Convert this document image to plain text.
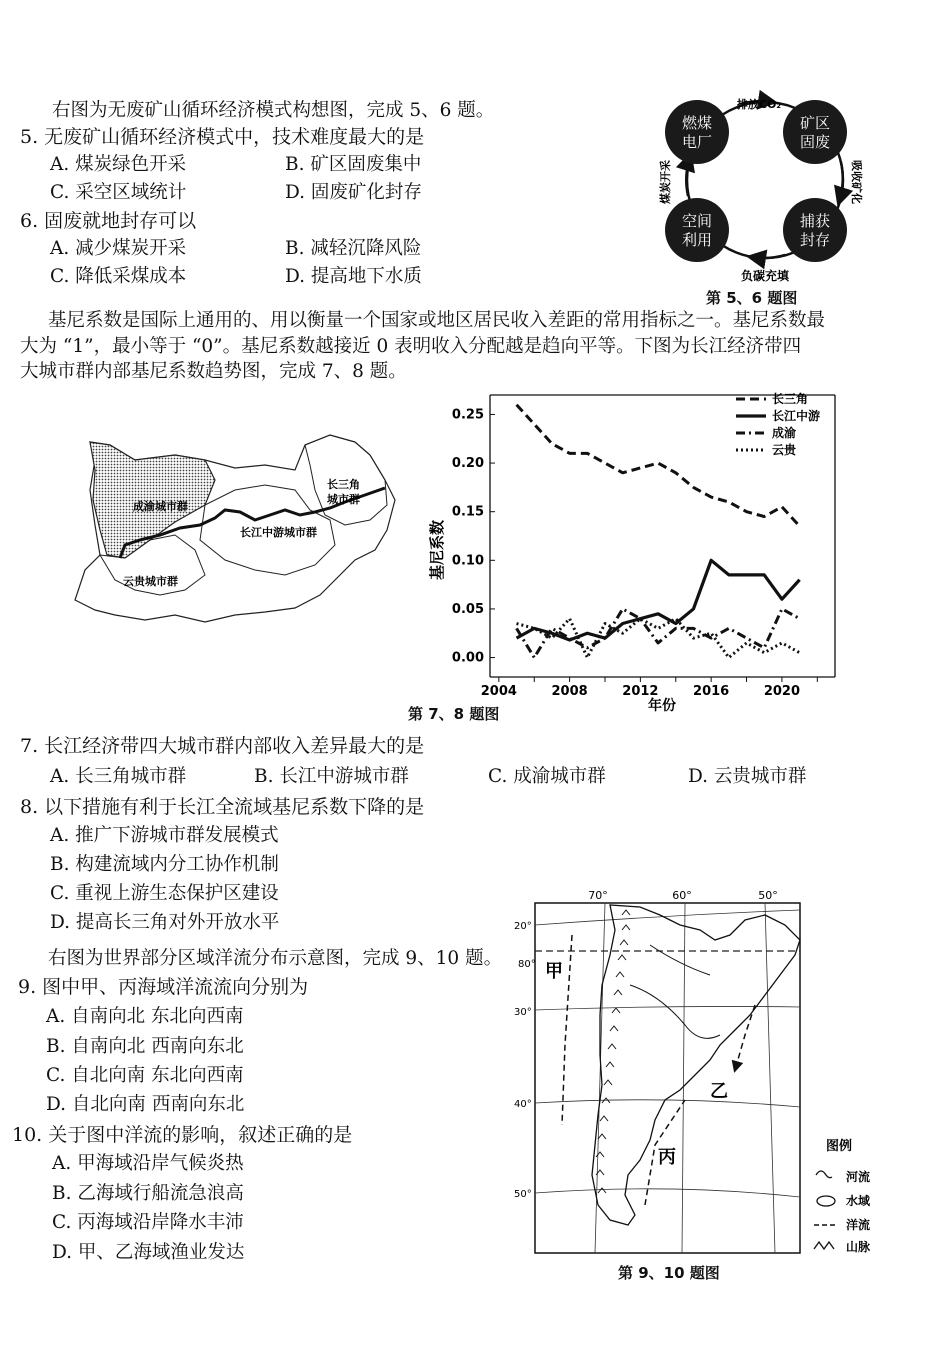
右图为无废矿山循环经济模式构想图，完成 5、6 题。
5. 无废矿山循环经济模式中，技术难度最大的是
A. 煤炭绿色开采	B. 矿区固废集中
C. 采空区域统计	D. 固废矿化封存
6. 固废就地封存可以
A. 减少煤炭开采	B. 减轻沉降风险
C. 降低采煤成本	D. 提高地下水质
燃煤
电厂
矿区
固废
捕获
封存
空间
利用
排放CO₂
吸收矿化
负碳充填
煤炭开采
第 5、6 题图
基尼系数是国际上通用的、用以衡量一个国家或地区居民收入差距的常用指标之一。基尼系数最
大为 “1”，最小等于 “0”。基尼系数越接近 0 表明收入分配越是趋向平等。下图为长江经济带四
大城市群内部基尼系数趋势图，完成 7、8 题。
成渝城市群
云贵城市群
长江中游城市群
长三角
城市群
0.00
0.05
0.10
0.15
0.20
0.25
2004	2008	2012	2016	2020
长三角
长江中游
成渝
云贵
基尼系数
年份
第 7、8 题图
7. 长江经济带四大城市群内部收入差异最大的是
A. 长三角城市群	B. 长江中游城市群	C. 成渝城市群	D. 云贵城市群
8. 以下措施有利于长江全流域基尼系数下降的是
A. 推广下游城市群发展模式
B. 构建流域内分工协作机制
C. 重视上游生态保护区建设
D. 提高长三角对外开放水平
右图为世界部分区域洋流分布示意图，完成 9、10 题。
9. 图中甲、丙海域洋流流向分别为
A. 自南向北 东北向西南
B. 自南向北 西南向东北
C. 自北向南 东北向西南
D. 自北向南 西南向东北
10. 关于图中洋流的影响，叙述正确的是
A. 甲海域沿岸气候炎热
B. 乙海域行船流急浪高
C. 丙海域沿岸降水丰沛
D. 甲、乙海域渔业发达
70°	60°	50°
20°
80°
30°
40°
50°
甲
乙
丙
图例
河流
水域
洋流
山脉
第 9、10 题图
